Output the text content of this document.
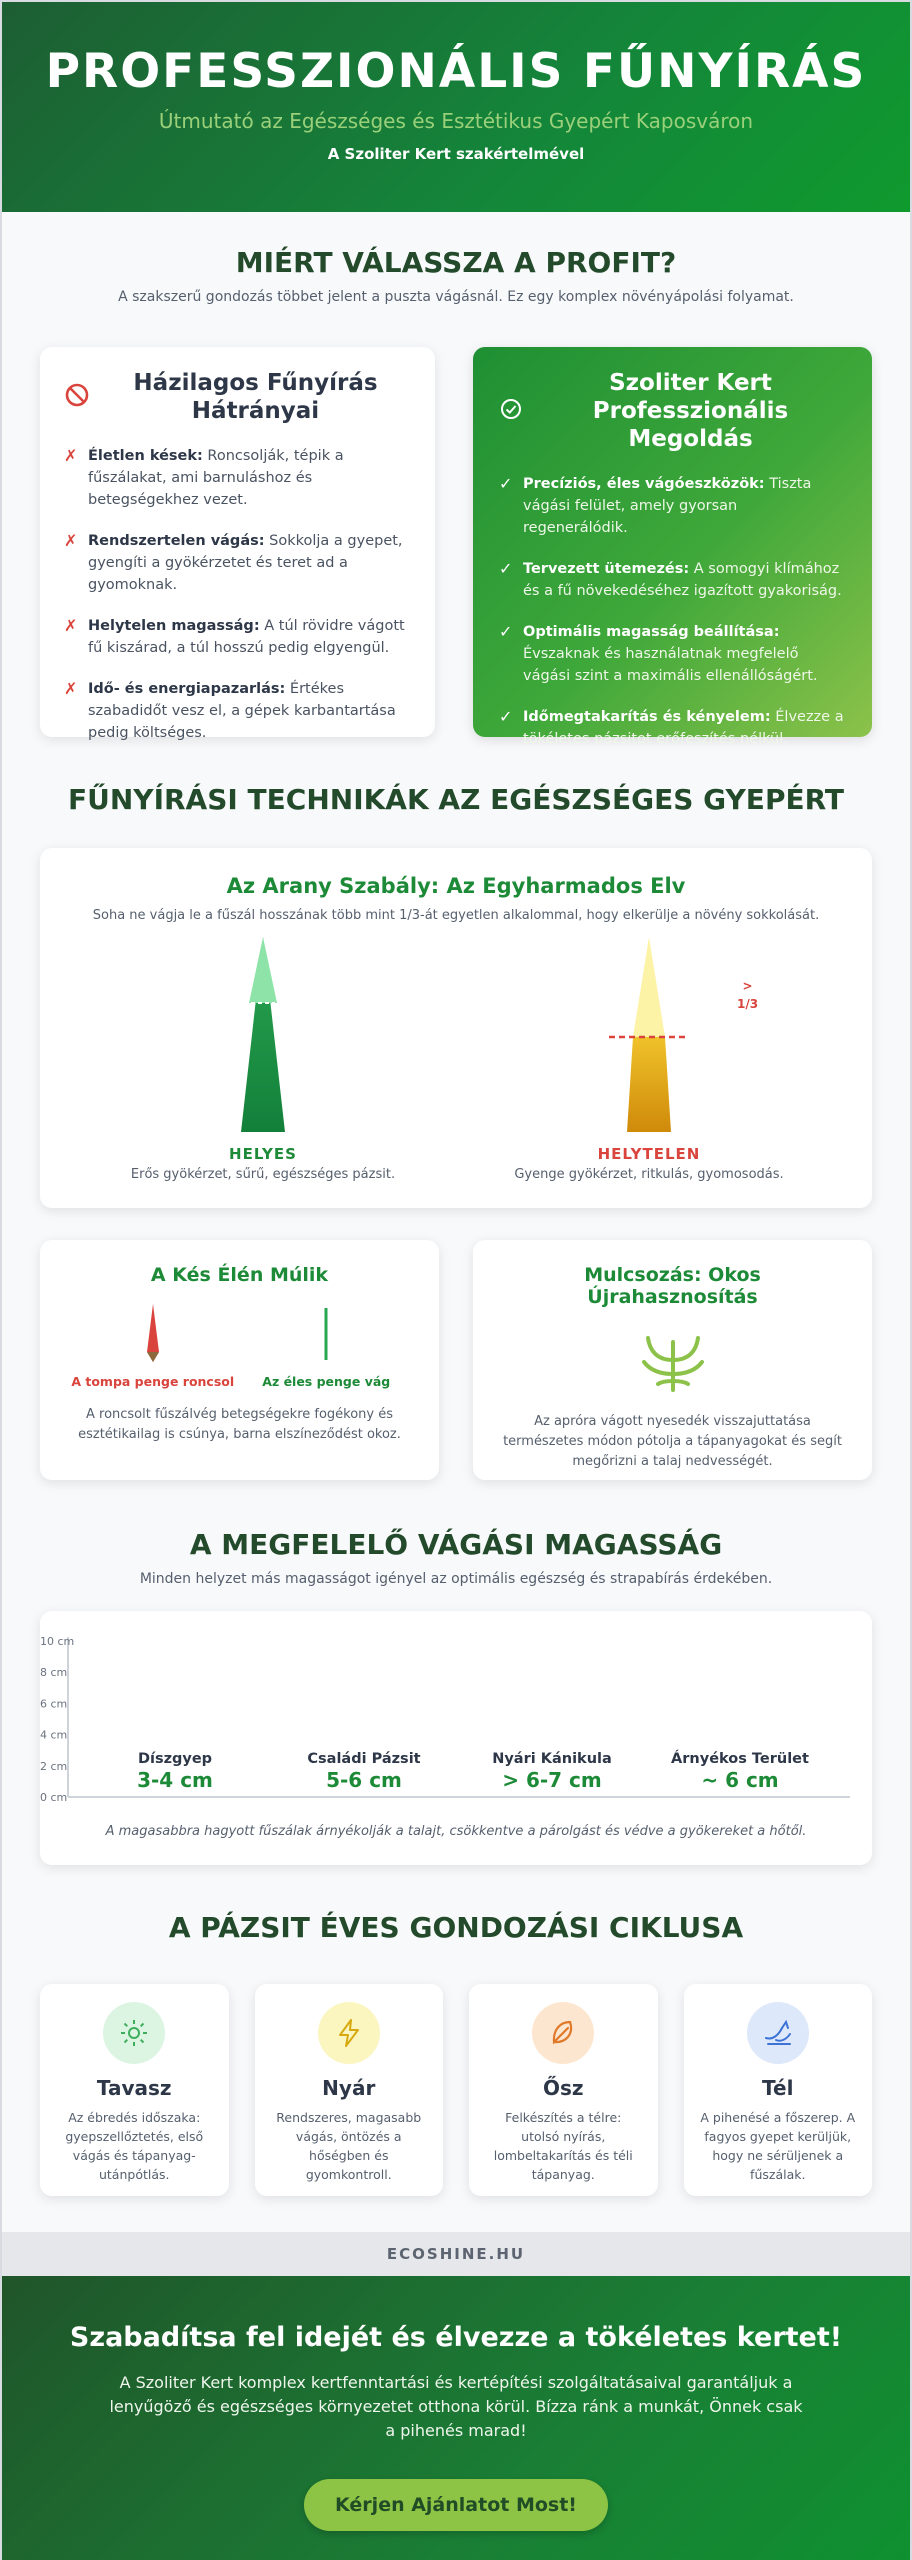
PROFESSZIONÁLIS FŰNYÍRÁS
Útmutató az Egészséges és Esztétikus Gyepért Kaposváron
A Szoliter Kert szakértelmével
MIÉRT VÁLASSZA A PROFIT?
A szakszerű gondozás többet jelent a puszta vágásnál. Ez egy komplex növényápolási folyamat.
Házilagos Fűnyírás Hátrányai
✗ Életlen kések: Roncsolják, tépik a fűszálakat, ami barnuláshoz és betegségekhez vezet.
✗ Rendszertelen vágás: Sokkolja a gyepet, gyengíti a gyökérzetet és teret ad a gyomoknak.
✗ Helytelen magasság: A túl rövidre vágott fű kiszárad, a túl hosszú pedig elgyengül.
✗ Idő- és energiapazarlás: Értékes szabadidőt vesz el, a gépek karbantartása pedig költséges.
Szoliter Kert Professzionális Megoldás
✓ Precíziós, éles vágóeszközök: Tiszta vágási felület, amely gyorsan regenerálódik.
✓ Tervezett ütemezés: A somogyi klímához és a fű növekedéséhez igazított gyakoriság.
✓ Optimális magasság beállítása: Évszaknak és használatnak megfelelő vágási szint a maximális ellenállóságért.
✓ Időmegtakarítás és kényelem: Élvezze a tökéletes pázsitot erőfeszítés nélkül.
FŰNYÍRÁSI TECHNIKÁK AZ EGÉSZSÉGES GYEPÉRT
Az Arany Szabály: Az Egyharmados Elv
Soha ne vágja le a fűszál hosszának több mint 1/3-át egyetlen alkalommal, hogy elkerülje a növény sokkolását.
HELYES
Erős gyökérzet, sűrű, egészséges pázsit.
>
1/3
HELYTELEN
Gyenge gyökérzet, ritkulás, gyomosodás.
A Kés Élén Múlik
A tompa penge roncsol	Az éles penge vág
A roncsolt fűszálvég betegségekre fogékony és esztétikailag is csúnya, barna elszíneződést okoz.
Mulcsozás: Okos Újrahasznosítás
Az apróra vágott nyesedék visszajuttatása természetes módon pótolja a tápanyagokat és segít megőrizni a talaj nedvességét.
A MEGFELELŐ VÁGÁSI MAGASSÁG
Minden helyzet más magasságot igényel az optimális egészség és strapabírás érdekében.
0 cm
2 cm
4 cm
6 cm
8 cm
10 cm
Díszgyep
3-4 cm
Családi Pázsit
5-6 cm
Nyári Kánikula
> 6-7 cm
Árnyékos Terület
~ 6 cm
A magasabbra hagyott fűszálak árnyékolják a talajt, csökkentve a párolgást és védve a gyökereket a hőtől.
A PÁZSIT ÉVES GONDOZÁSI CIKLUSA
Tavasz

Az ébredés időszaka: gyepszellőztetés, első vágás és tápanyag-utánpótlás.

Nyár

Rendszeres, magasabb vágás, öntözés a hőségben és gyomkontroll.

Ősz

Felkészítés a télre: utolsó nyírás, lombeltakarítás és téli tápanyag.

Tél

A pihenésé a főszerep. A fagyos gyepet kerüljük, hogy ne sérüljenek a fűszálak.

ECOSHINE.HU
Szabadítsa fel idejét és élvezze a tökéletes kertet!

A Szoliter Kert komplex kertfenntartási és kertépítési szolgáltatásaival garantáljuk a lenyűgöző és egészséges környezetet otthona körül. Bízza ránk a munkát, Önnek csak a pihenés marad!

Kérjen Ajánlatot Most!
